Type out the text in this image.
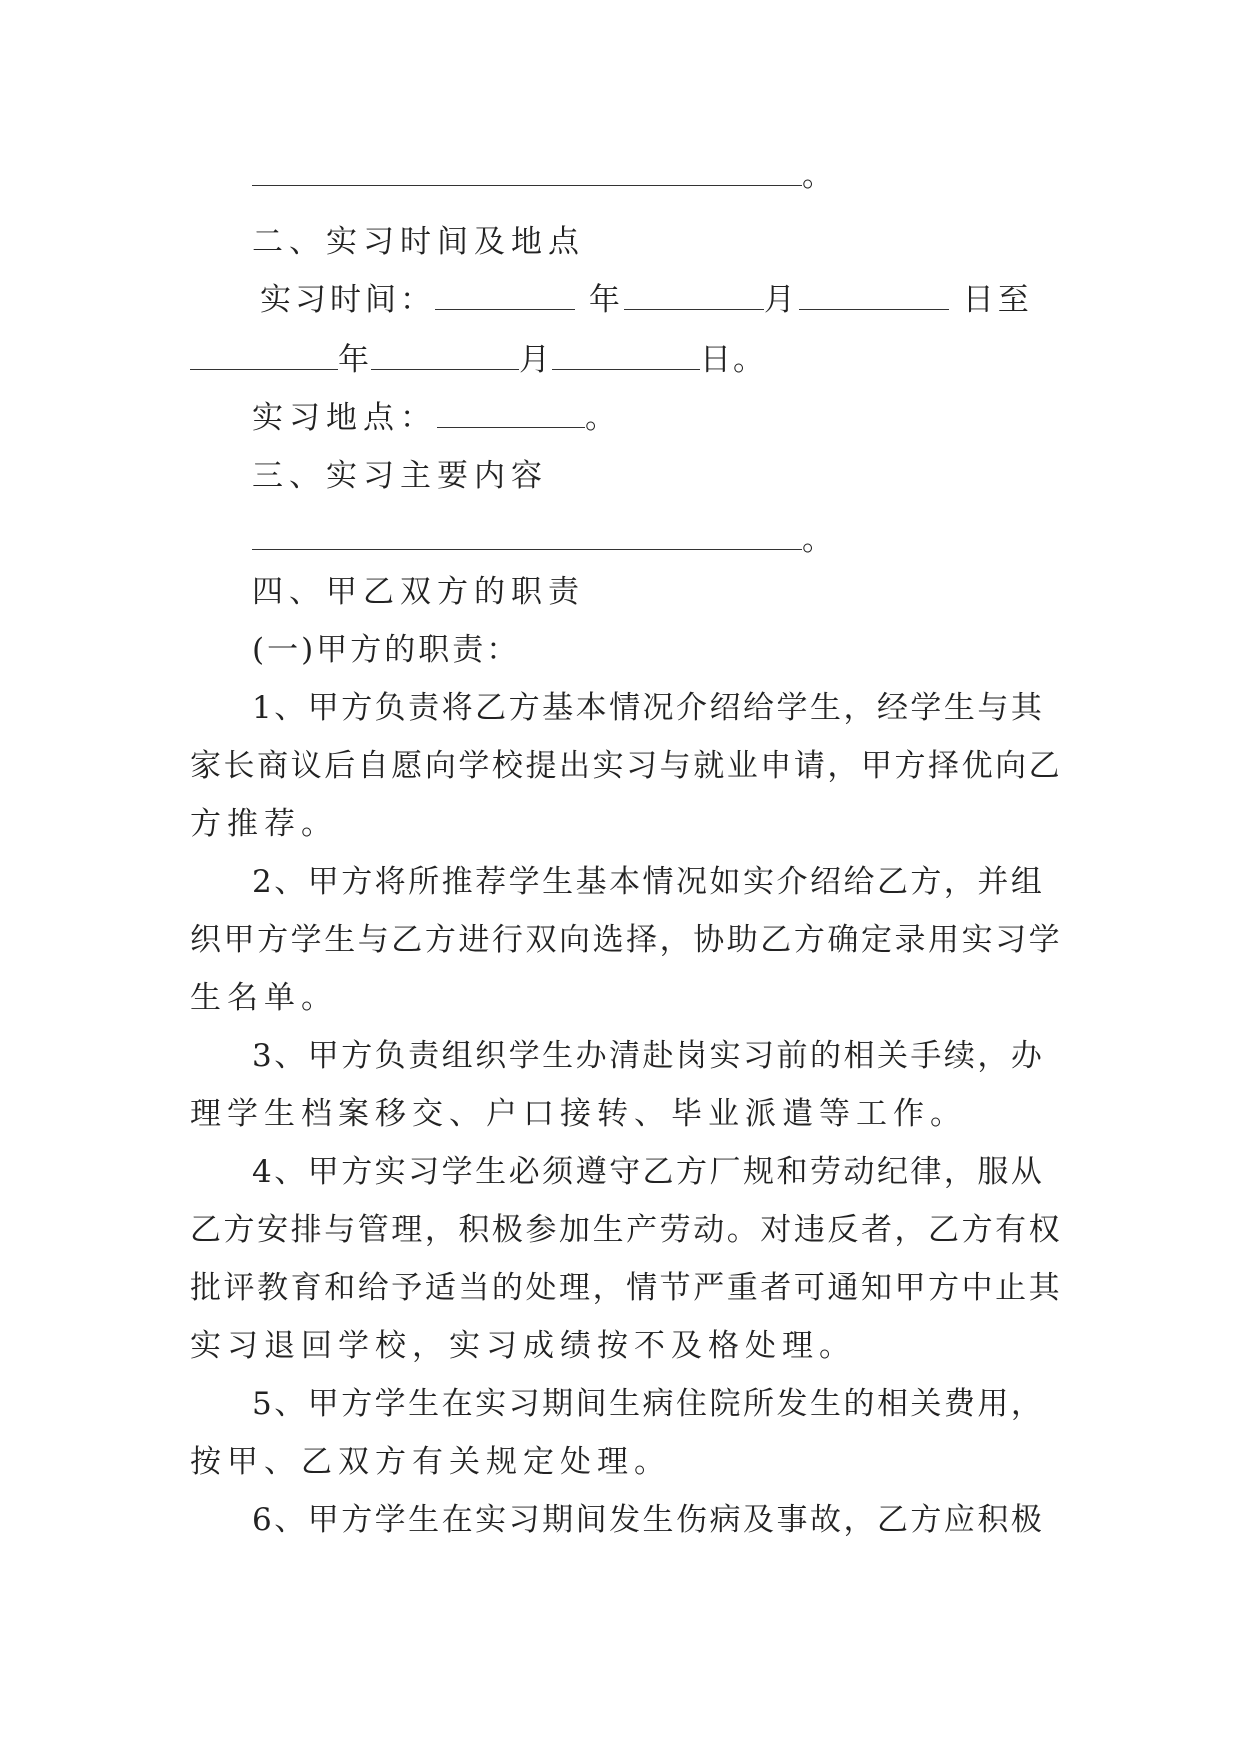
。
二、实习时间及地点
实习时间：	年	月	日至
年	月	日。
实习地点：	。
三、实习主要内容
。
四、甲乙双方的职责
(一)甲方的职责：
1 、 甲 方 负 责 将 乙 方 基 本 情 况 介 绍 给 学 生 ， 经 学 生 与 其
家 长 商 议 后 自 愿 向 学 校 提 出 实 习 与 就 业 申 请 ， 甲 方 择 优 向 乙
方推荐。
2 、 甲 方 将 所 推 荐 学 生 基 本 情 况 如 实 介 绍 给 乙 方 ， 并 组
织 甲 方 学 生 与 乙 方 进 行 双 向 选 择 ， 协 助 乙 方 确 定 录 用 实 习 学
生名单。
3 、 甲 方 负 责 组 织 学 生 办 清 赴 岗 实 习 前 的 相 关 手 续 ， 办
理学生档案移交、户口接转、毕业派遣等工作。
4 、 甲 方 实 习 学 生 必 须 遵 守 乙 方 厂 规 和 劳 动 纪 律 ， 服 从
乙 方 安 排 与 管 理 ， 积 极 参 加 生 产 劳 动 。 对 违 反 者 ， 乙 方 有 权
批 评 教 育 和 给 予 适 当 的 处 理 ， 情 节 严 重 者 可 通 知 甲 方 中 止 其
实习退回学校，实习成绩按不及格处理。
5 、 甲 方 学 生 在 实 习 期 间 生 病 住 院 所 发 生 的 相 关 费 用 ，
按甲、乙双方有关规定处理。
6 、 甲 方 学 生 在 实 习 期 间 发 生 伤 病 及 事 故 ， 乙 方 应 积 极
